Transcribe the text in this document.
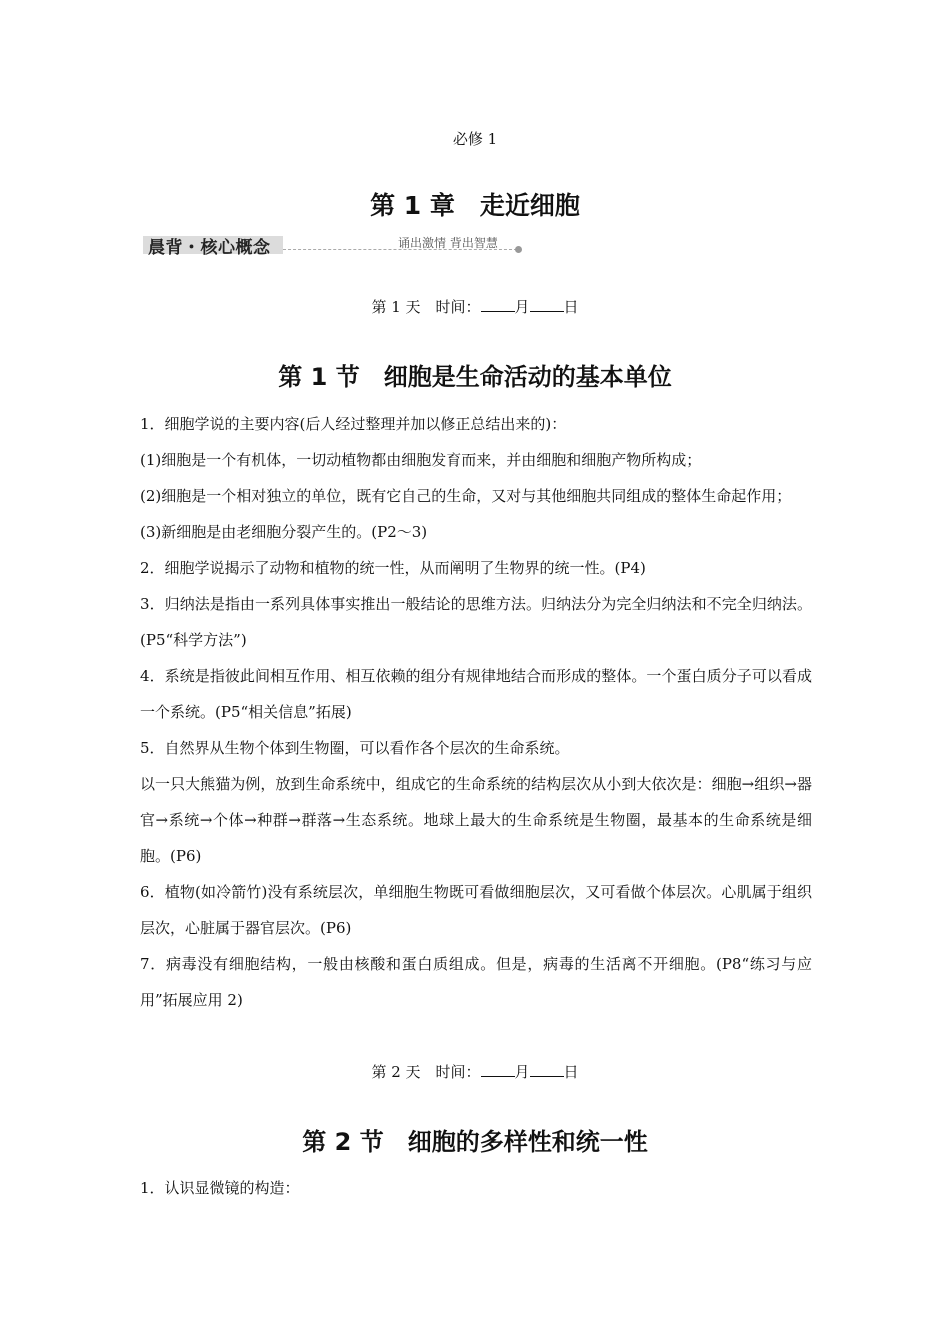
必修 1
第 1 章　走近细胞
晨背・核心概念	诵出激情 背出智慧
第 1 天　时间： 月 日
第 1 节　细胞是生命活动的基本单位

1．细胞学说的主要内容(后人经过整理并加以修正总结出来的)：

(1)细胞是一个有机体，一切动植物都由细胞发育而来，并由细胞和细胞产物所构成；

(2)细胞是一个相对独立的单位，既有它自己的生命，又对与其他细胞共同组成的整体生命起作用；

(3)新细胞是由老细胞分裂产生的。(P2～3)

2．细胞学说揭示了动物和植物的统一性，从而阐明了生物界的统一性。(P4)

3．归纳法是指由一系列具体事实推出一般结论的思维方法。归纳法分为完全归纳法和不完全归纳法。(P5“科学方法”)

4．系统是指彼此间相互作用、相互依赖的组分有规律地结合而形成的整体。一个蛋白质分子可以看成一个系统。(P5“相关信息”拓展)

5．自然界从生物个体到生物圈，可以看作各个层次的生命系统。

以一只大熊猫为例，放到生命系统中，组成它的生命系统的结构层次从小到大依次是：细胞→组织→器官→系统→个体→种群→群落→生态系统。地球上最大的生命系统是生物圈，最基本的生命系统是细胞。(P6)

6．植物(如冷箭竹)没有系统层次，单细胞生物既可看做细胞层次，又可看做个体层次。心肌属于组织层次，心脏属于器官层次。(P6)

7．病毒没有细胞结构，一般由核酸和蛋白质组成。但是，病毒的生活离不开细胞。(P8“练习与应用”拓展应用 2)

第 2 天　时间： 月 日
第 2 节　细胞的多样性和统一性

1．认识显微镜的构造：
